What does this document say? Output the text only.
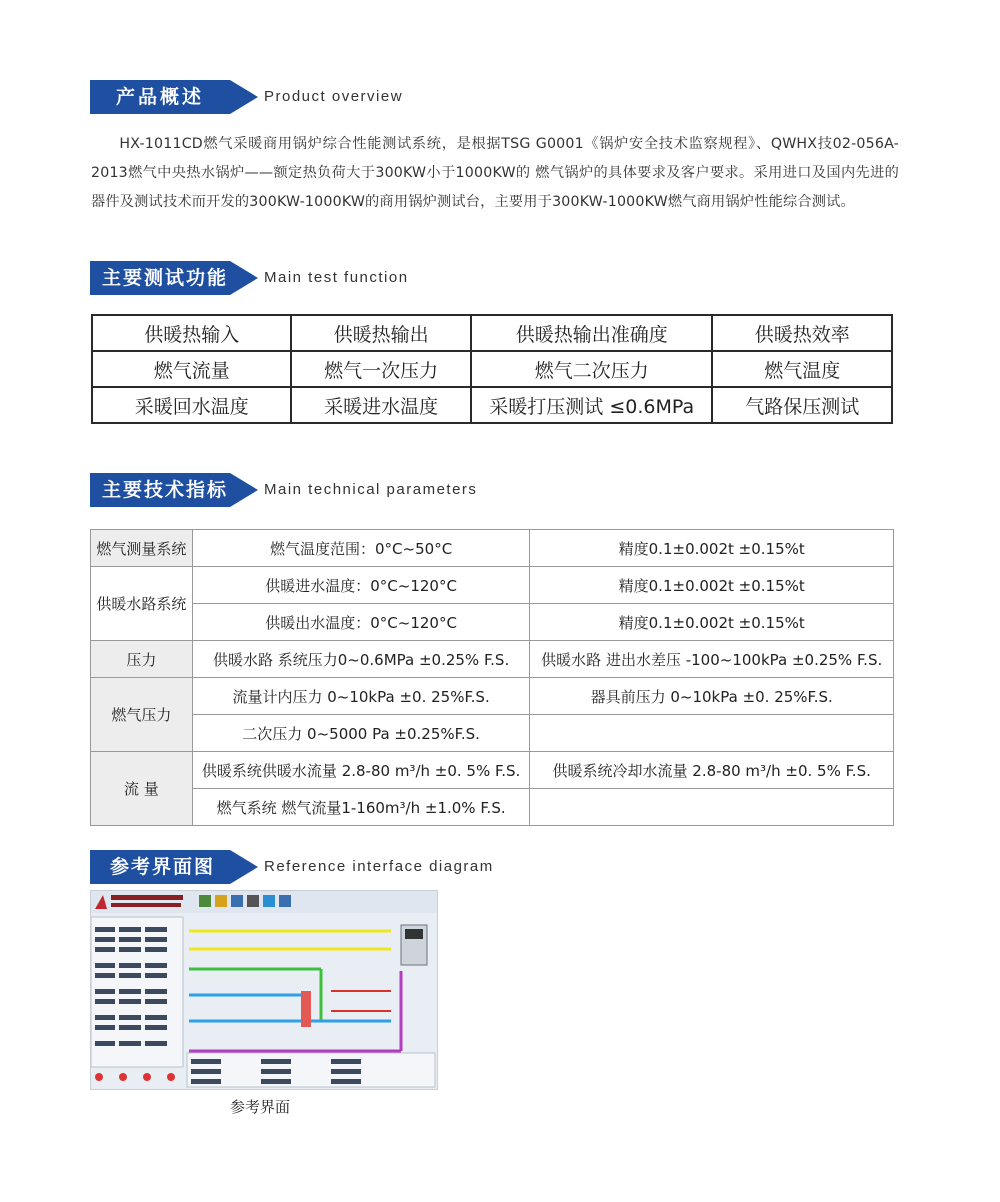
产品概述	Product overview
HX-1011CD燃气采暖商用锅炉综合性能测试系统，是根据TSG G0001《锅炉安全技术监察规程》、QWHX技02-056A-2013燃气中央热水锅炉——额定热负荷大于300KW小于1000KW的 燃气锅炉的具体要求及客户要求。采用进口及国内先进的器件及测试技术而开发的300KW-1000KW的商用锅炉测试台，主要用于300KW-1000KW燃气商用锅炉性能综合测试。
主要测试功能	Main test function
供暖热输入	供暖热输出	供暖热输出准确度	供暖热效率
燃气流量	燃气一次压力	燃气二次压力	燃气温度
采暖回水温度	采暖进水温度	采暖打压测试 ≤0.6MPa	气路保压测试
主要技术指标	Main technical parameters
燃气测量系统	燃气温度范围：0°C~50°C	精度0.1±0.002t ±0.15%t
供暖水路系统	供暖进水温度：0°C~120°C	精度0.1±0.002t ±0.15%t
	供暖出水温度：0°C~120°C	精度0.1±0.002t ±0.15%t
压力	供暖水路 系统压力0~0.6MPa ±0.25% F.S.	供暖水路 进出水差压 -100~100kPa ±0.25% F.S.
燃气压力	流量计内压力 0~10kPa ±0. 25%F.S.	器具前压力 0~10kPa ±0. 25%F.S.
	二次压力 0~5000 Pa ±0.25%F.S.	
流 量	供暖系统供暖水流量 2.8-80 m³/h ±0. 5% F.S.	供暖系统冷却水流量 2.8-80 m³/h ±0. 5% F.S.
	燃气系统 燃气流量1-160m³/h ±1.0% F.S.	
参考界面图	Reference interface diagram
参考界面
